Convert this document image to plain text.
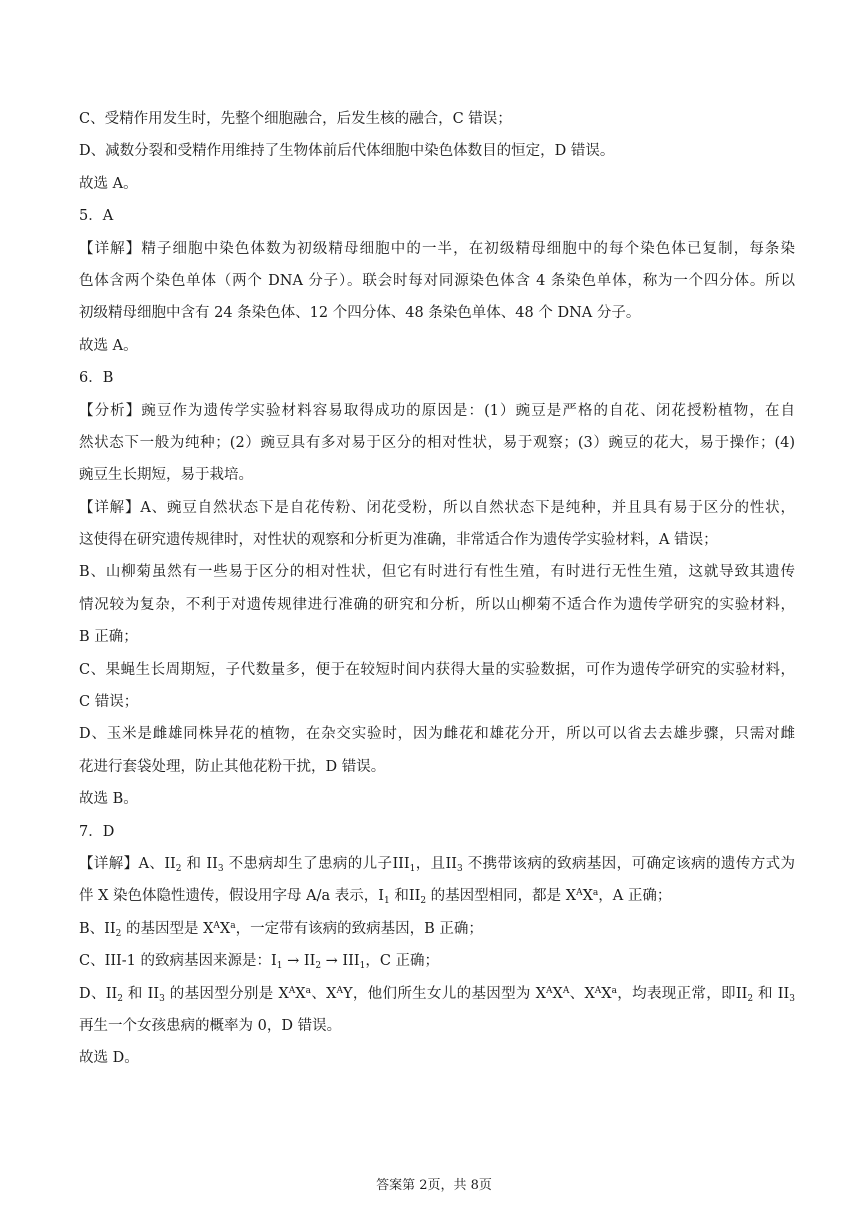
C、受精作用发生时，先整个细胞融合，后发生核的融合，C 错误；
D、减数分裂和受精作用维持了生物体前后代体细胞中染色体数目的恒定，D 错误。
故选 A。
5．A
【详解】精子细胞中染色体数为初级精母细胞中的一半，在初级精母细胞中的每个染色体已复制，每条染
色体含两个染色单体（两个 DNA 分子）。联会时每对同源染色体含 4 条染色单体，称为一个四分体。所以
初级精母细胞中含有 24 条染色体、12 个四分体、48 条染色单体、48 个 DNA 分子。
故选 A。
6．B
【分析】豌豆作为遗传学实验材料容易取得成功的原因是：(1）豌豆是严格的自花、闭花授粉植物，在自
然状态下一般为纯种；(2）豌豆具有多对易于区分的相对性状，易于观察；(3）豌豆的花大，易于操作；(4)
豌豆生长期短，易于栽培。
【详解】A、豌豆自然状态下是自花传粉、闭花受粉，所以自然状态下是纯种，并且具有易于区分的性状，
这使得在研究遗传规律时，对性状的观察和分析更为准确，非常适合作为遗传学实验材料，A 错误；
B、山柳菊虽然有一些易于区分的相对性状，但它有时进行有性生殖，有时进行无性生殖，这就导致其遗传
情况较为复杂，不利于对遗传规律进行准确的研究和分析，所以山柳菊不适合作为遗传学研究的实验材料，
B 正确；
C、果蝇生长周期短，子代数量多，便于在较短时间内获得大量的实验数据，可作为遗传学研究的实验材料，
C 错误；
D、玉米是雌雄同株异花的植物，在杂交实验时，因为雌花和雄花分开，所以可以省去去雄步骤，只需对雌
花进行套袋处理，防止其他花粉干扰，D 错误。
故选 B。
7．D
【详解】A、$II_2$ 和 $II_3$ 不患病却生了患病的儿子$III_1$，且$II_3$ 不携带该病的致病基因，可确定该病的遗传方式为
伴 X 染色体隐性遗传，假设用字母 A/a 表示，$I_1$ 和$II_2$ 的基因型相同，都是 $X^AX^a$，A 正确；
B、$II_2$ 的基因型是 $X^AX^a$，一定带有该病的致病基因，B 正确；
C、III-1 的致病基因来源是：$I_1 \to II_2 \to III_1$，C 正确；
D、$II_2$ 和 $II_3$ 的基因型分别是 $X^AX^a$、$X^AY$，他们所生女儿的基因型为 $X^AX^A$、$X^AX^a$，均表现正常，即$II_2$ 和 $II_3$
再生一个女孩患病的概率为 0，D 错误。
故选 D。
答案第 2页，共 8页
